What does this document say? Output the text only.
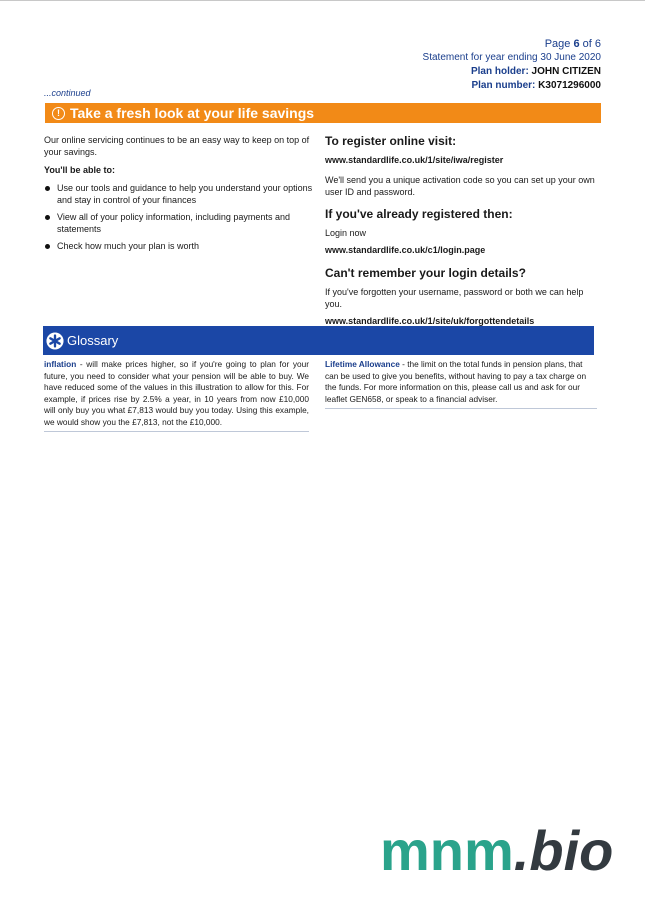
Page 6 of 6
Statement for year ending 30 June 2020
Plan holder: JOHN CITIZEN
Plan number: K3071296000
...continued
! Take a fresh look at your life savings

Our online servicing continues to be an easy way to keep on top of your savings.

You'll be able to:
Use our tools and guidance to help you understand your options and stay in control of your finances
View all of your policy information, including payments and statements
Check how much your plan is worth
To register online visit:
www.standardlife.co.uk/1/site/iwa/register

We'll send you a unique activation code so you can set up your own user ID and password.

If you've already registered then:

Login now

www.standardlife.co.uk/c1/login.page
Can't remember your login details?

If you've forgotten your username, password or both we can help you.

www.standardlife.co.uk/1/site/uk/forgottendetails
Glossary
inflation - will make prices higher, so if you're going to plan for your future, you need to consider what your pension will be able to buy. We have reduced some of the values in this illustration to allow for this. For example, if prices rise by 2.5% a year, in 10 years from now £10,000 will only buy you what £7,813 would buy you today. Using this example, we would show you the £7,813, not the £10,000.
Lifetime Allowance - the limit on the total funds in pension plans, that can be used to give you benefits, without having to pay a tax charge on the funds. For more information on this, please call us and ask for our leaflet GEN658, or speak to a financial adviser.
mnm.bio
